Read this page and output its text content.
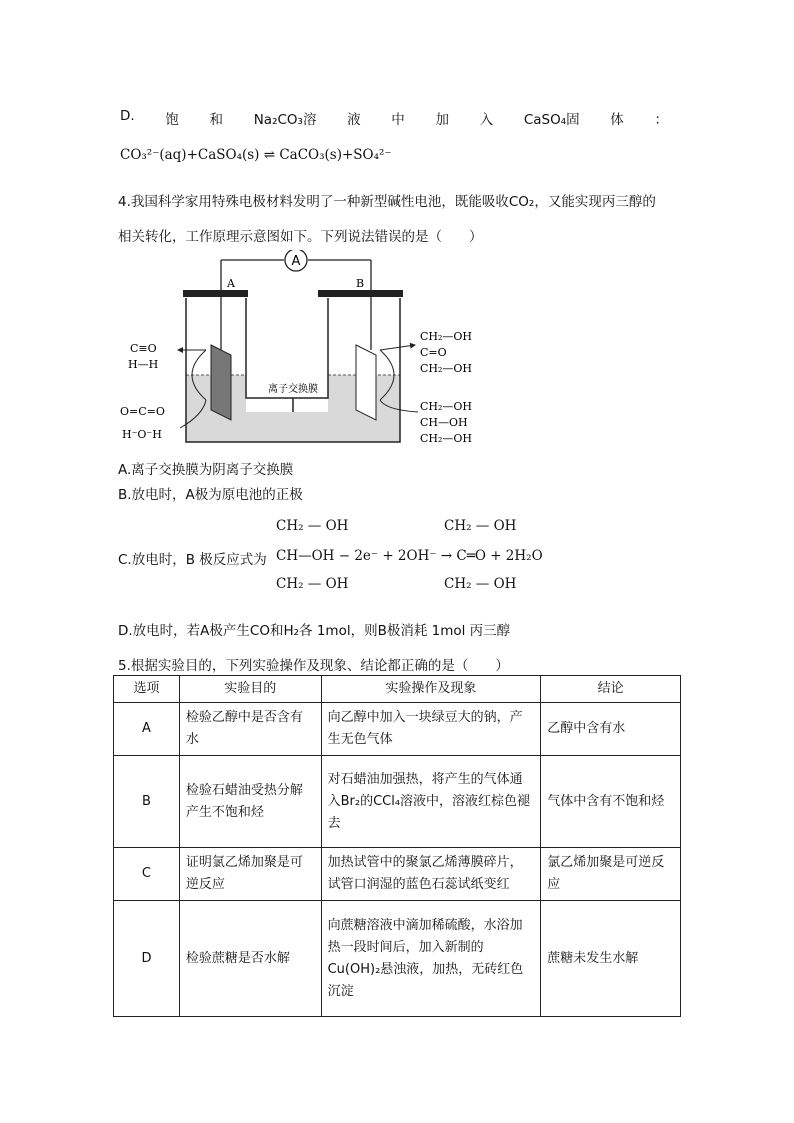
D. 饱 和 Na₂CO₃溶 液 中 加 入 CaSO₄固 体 ：
CO₃²⁻(aq)+CaSO₄(s) ⇌ CaCO₃(s)+SO₄²⁻
4.我国科学家用特殊电极材料发明了一种新型碱性电池，既能吸收CO₂，又能实现丙三醇的
相关转化，工作原理示意图如下。下列说法错误的是（　　）
A
A	B
离子交换膜
C≡O
H—H
O=C=O
H⁻O⁻H
CH₂—OH
C=O
CH₂—OH
CH₂—OH
CH—OH
CH₂—OH
A.离子交换膜为阴离子交换膜
B.放电时，A极为原电池的正极
C.放电时，B 极反应式为
CH₂ — OH
CH—OH − 2e⁻ + 2OH⁻ → C═O + 2H₂O
CH₂ — OH
CH₂ — OH
CH₂ — OH
D.放电时，若A极产生CO和H₂各 1mol，则B极消耗 1mol 丙三醇
5.根据实验目的，下列实验操作及现象、结论都正确的是（　　）
选项	实验目的	实验操作及现象	结论
A	检验乙醇中是否含有水	向乙醇中加入一块绿豆大的钠，产生无色气体	乙醇中含有水
B	检验石蜡油受热分解产生不饱和烃	对石蜡油加强热，将产生的气体通入Br₂的CCl₄溶液中，溶液红棕色褪去	气体中含有不饱和烃
C	证明氯乙烯加聚是可逆反应	加热试管中的聚氯乙烯薄膜碎片，试管口润湿的蓝色石蕊试纸变红	氯乙烯加聚是可逆反应
D	检验蔗糖是否水解	向蔗糖溶液中滴加稀硫酸，水浴加热一段时间后，加入新制的Cu(OH)₂悬浊液，加热，无砖红色沉淀	蔗糖未发生水解
